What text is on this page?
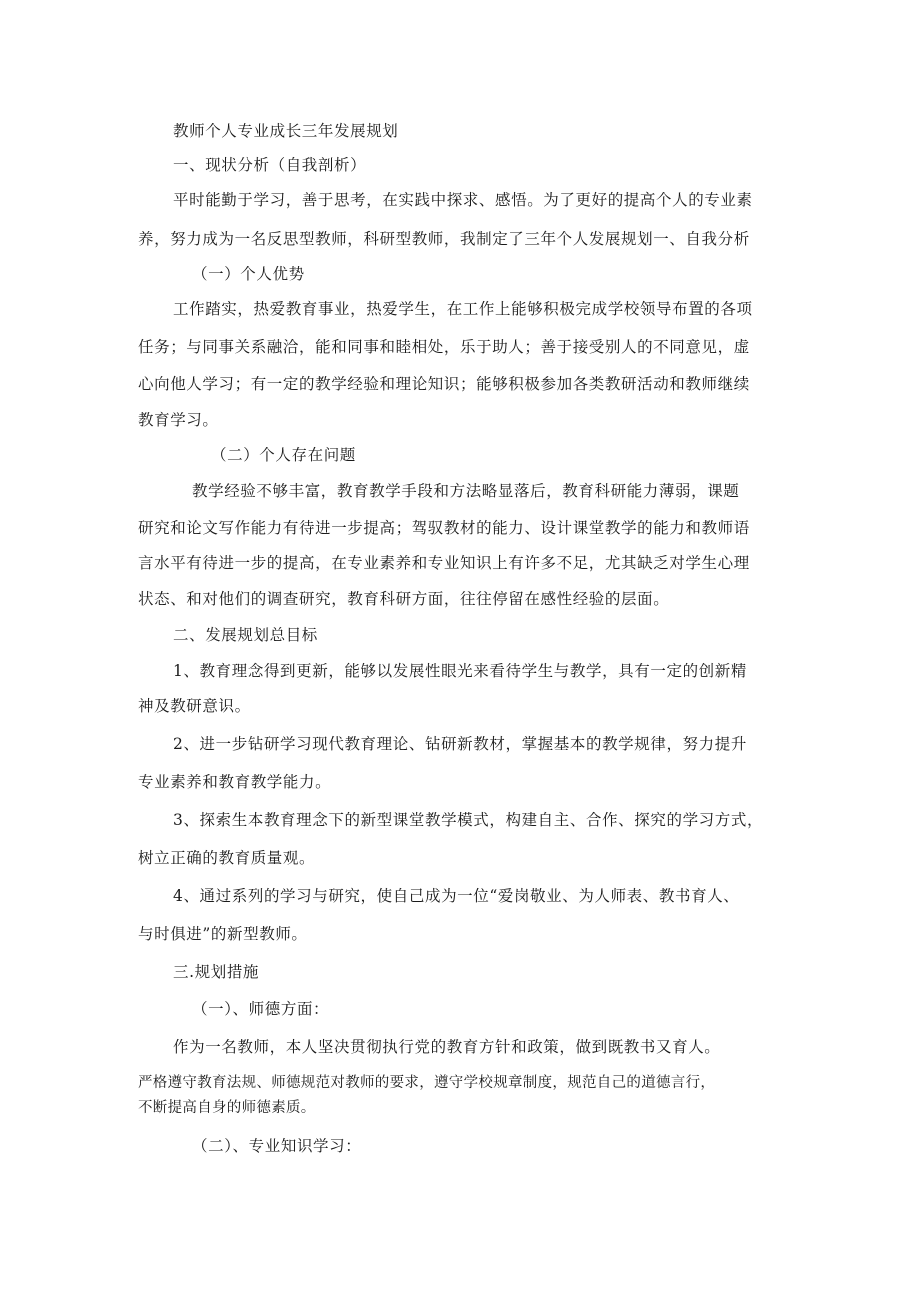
教师个人专业成长三年发展规划
一、现状分析（自我剖析）
平时能勤于学习，善于思考，在实践中探求、感悟。为了更好的提高个人的专业素
养，努力成为一名反思型教师，科研型教师，我制定了三年个人发展规划一、自我分析
（一）个人优势
工作踏实，热爱教育事业，热爱学生，在工作上能够积极完成学校领导布置的各项
任务；与同事关系融洽，能和同事和睦相处，乐于助人；善于接受别人的不同意见，虚
心向他人学习；有一定的教学经验和理论知识；能够积极参加各类教研活动和教师继续
教育学习。
（二）个人存在问题
教学经验不够丰富，教育教学手段和方法略显落后，教育科研能力薄弱，课题
研究和论文写作能力有待进一步提高；驾驭教材的能力、设计课堂教学的能力和教师语
言水平有待进一步的提高，在专业素养和专业知识上有许多不足，尤其缺乏对学生心理
状态、和对他们的调查研究，教育科研方面，往往停留在感性经验的层面。
二、发展规划总目标
1、教育理念得到更新，能够以发展性眼光来看待学生与教学，具有一定的创新精
神及教研意识。
2、进一步钻研学习现代教育理论、钻研新教材，掌握基本的教学规律，努力提升
专业素养和教育教学能力。
3、探索生本教育理念下的新型课堂教学模式，构建自主、合作、探究的学习方式，
树立正确的教育质量观。
4、通过系列的学习与研究，使自己成为一位“爱岗敬业、为人师表、教书育人、
与时俱进”的新型教师。
三.规划措施
（一）、师德方面：
作为一名教师，本人坚决贯彻执行党的教育方针和政策，做到既教书又育人。
严格遵守教育法规、师德规范对教师的要求，遵守学校规章制度，规范自己的道德言行，
不断提高自身的师德素质。
（二）、专业知识学习：
